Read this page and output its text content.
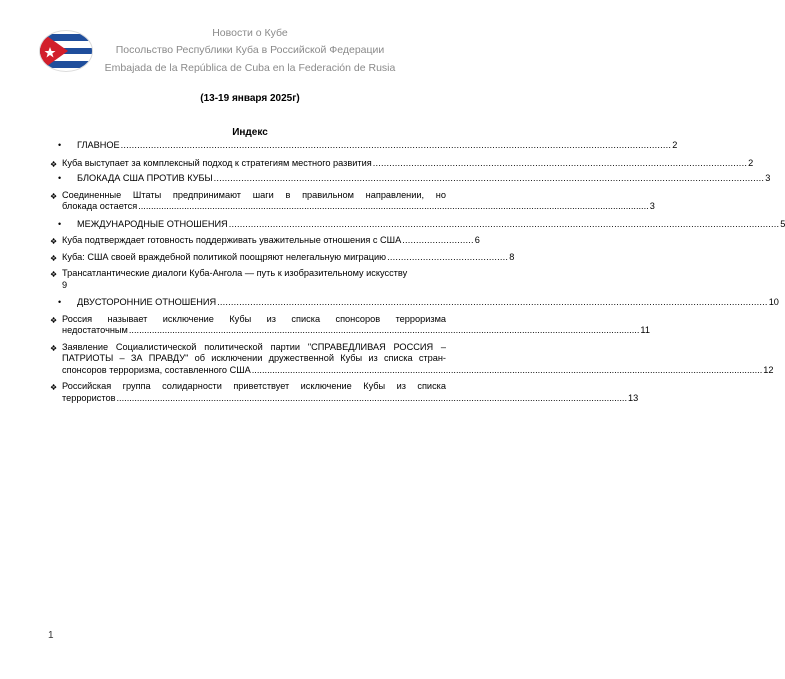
Новости о Кубе
Посольство Республики Куба в Российской Федерации
Embajada de la República de Cuba en la Federación de Rusia
(13-19 января 2025г)
Индекс
• ГЛАВНОЕ ........................................................................................................................................................................................................ 2
❖ Куба выступает за комплексный подход к стратегиям местного развития ........................................................................................................................................ 2
• БЛОКАДА США ПРОТИВ КУБЫ ........................................................................................................................................................................................................ 3
❖ Соединенные Штаты предпринимают шаги в правильном направлении, но
блокада остается ........................................................................................................................................................................................................ 3
• МЕЖДУНАРОДНЫЕ ОТНОШЕНИЯ ........................................................................................................................................................................................................ 5
❖ Куба подтверждает готовность поддерживать уважительные отношения с США .......................... 6
❖ Куба: США своей враждебной политикой поощряют нелегальную миграцию ............................................ 8
❖ Трансатлантические диалоги Куба-Ангола — путь к изобразительному искусству
9
• ДВУСТОРОННИЕ ОТНОШЕНИЯ ........................................................................................................................................................................................................ 10
❖ Россия называет исключение Кубы из списка спонсоров терроризма
недостаточным ........................................................................................................................................................................................................ 11
❖ Заявление Социалистической политической партии "СПРАВЕДЛИВАЯ РОССИЯ –
ПАТРИОТЫ – ЗА ПРАВДУ" об исключении дружественной Кубы из списка стран-
спонсоров терроризма, составленного США ........................................................................................................................................................................................................ 12
❖ Российская группа солидарности приветствует исключение Кубы из списка
террористов ........................................................................................................................................................................................................ 13
1
